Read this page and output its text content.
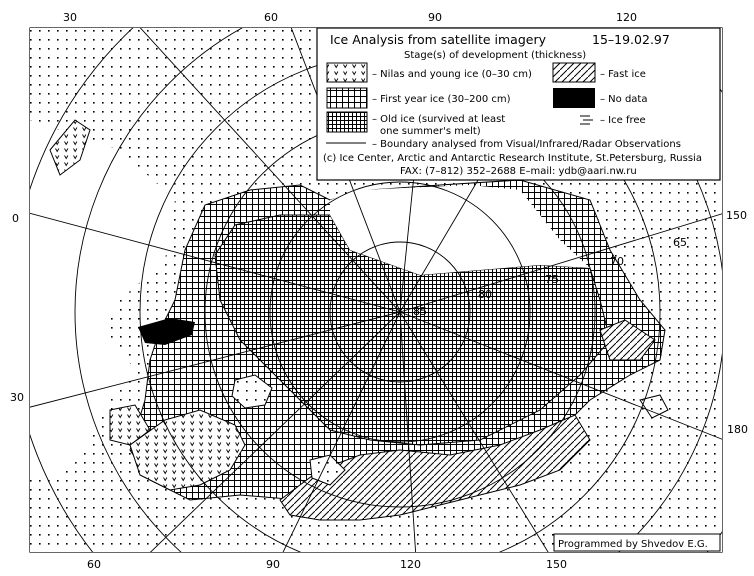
85
80
75
70
65
30	60	90	120
60	90	120	150
0
30
150
180
Ice Analysis from satellite imagery	15–19.02.97
Stage(s) of development (thickness)
– Nilas and young ice (0–30 cm)	– Fast ice
– First year ice (30–200 cm)	– No data
– Old ice (survived at least
one summer's melt)
– Ice free
– Boundary analysed from Visual/Infrared/Radar Observations
(c) Ice Center, Arctic and Antarctic Research Institute, St.Petersburg, Russia
FAX: (7–812) 352–2688 E–mail: ydb@aari.nw.ru
Programmed by Shvedov E.G.
